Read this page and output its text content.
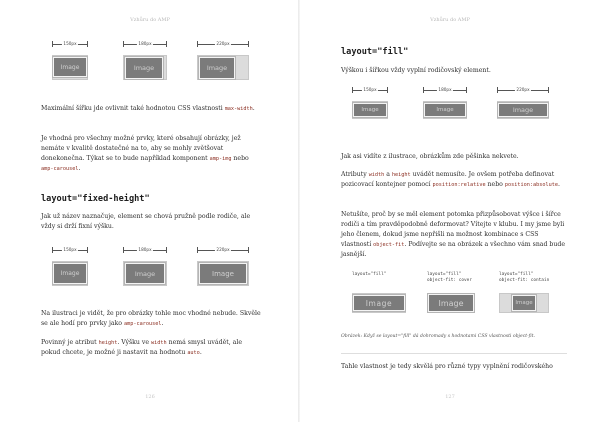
Vzhůru do AMP
150px	180px	220px
Image	Image	Image
Maximální šířku jde ovlivnit také hodnotou CSS vlastnosti max-width.
Je vhodná pro všechny možné prvky, které obsahují obrázky, jež nemáte v kvalitě dostatečné na to, aby se mohly zvětšovat donekonečna. Týkat se to bude například komponent amp-img nebo amp-carousel.
layout="fixed-height"
Jak už název naznačuje, element se chová pružně podle rodiče, ale vždy si drží fixní výšku.
150px	180px	220px
Image	Image	Image
Na ilustraci je vidět, že pro obrázky tohle moc vhodné nebude. Skvěle se ale hodí pro prvky jako amp-carousel.
Povinný je atribut height. Výšku ve width nemá smysl uvádět, ale pokud chcete, je možné ji nastavit na hodnotu auto.
126
Vzhůru do AMP
layout="fill"
Výškou i šířkou vždy vyplní rodičovský element.
150px	180px	220px
Image	Image	Image
Jak asi vidíte z ilustrace, obrázkům zde pěšinka nekvete.
Atributy width a height uvádět nemusíte. Je ovšem potřeba definovat pozicovací kontejner pomocí position:relative nebo position:absolute.
Netušíte, proč by se měl element potomka přizpůsobovat výšce i šířce rodiči a tím pravděpodobně deformovat? Vítejte v klubu. I my jsme byli jeho členem, dokud jsme nepřišli na možnost kombinace s CSS vlastností object-fit. Podívejte se na obrázek a všechno vám snad bude jasnější.
layout="fill"	layout="fill"
object-fit: cover
layout="fill"
object-fit: contain
Image	Image	Image
Obrázek: Když se layout="fill" dá dohromady s hodnotami CSS vlastnosti object-fit.
Tahle vlastnost je tedy skvělá pro různé typy vyplnění rodičovského
127
